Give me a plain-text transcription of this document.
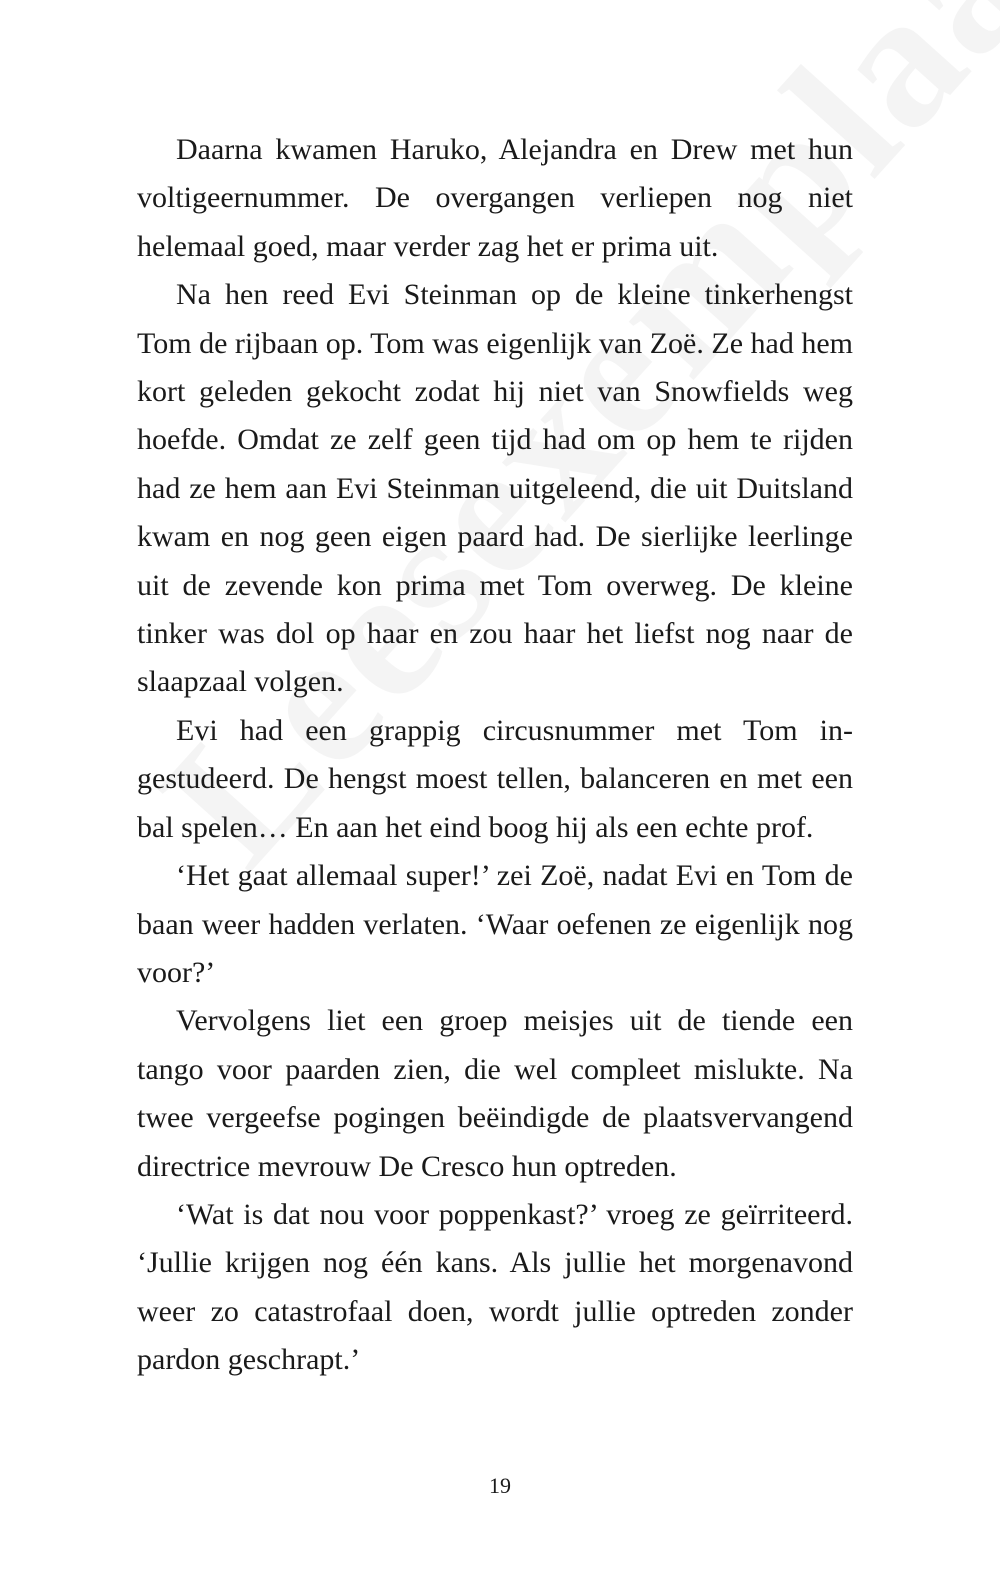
Daarna kwamen Haruko, Alejandra en Drew met hun voltigeernummer. De overgangen verliepen nog niet helemaal goed, maar verder zag het er prima uit.

Na hen reed Evi Steinman op de kleine tinkerhengst Tom de rijbaan op. Tom was eigenlijk van Zoë. Ze had hem kort geleden gekocht zodat hij niet van Snowfields weg hoefde. Omdat ze zelf geen tijd had om op hem te rijden had ze hem aan Evi Steinman uitgeleend, die uit Duitsland kwam en nog geen eigen paard had. De sierlijke leerlinge uit de zevende kon prima met Tom overweg. De kleine tinker was dol op haar en zou haar het liefst nog naar de slaapzaal volgen.

Evi had een grappig circusnummer met Tom ingestudeerd. De hengst moest tellen, balanceren en met een bal spelen… En aan het eind boog hij als een echte prof.

‘Het gaat allemaal super!’ zei Zoë, nadat Evi en Tom de baan weer hadden verlaten. ‘Waar oefenen ze eigenlijk nog voor?’

Vervolgens liet een groep meisjes uit de tiende een tango voor paarden zien, die wel compleet mislukte. Na twee vergeefse pogingen beëindigde de plaatsvervangend directrice mevrouw De Cresco hun optreden.

‘Wat is dat nou voor poppenkast?’ vroeg ze geïrriteerd. ‘Jullie krijgen nog één kans. Als jullie het morgenavond weer zo catastrofaal doen, wordt jullie optreden zonder pardon geschrapt.’

19
